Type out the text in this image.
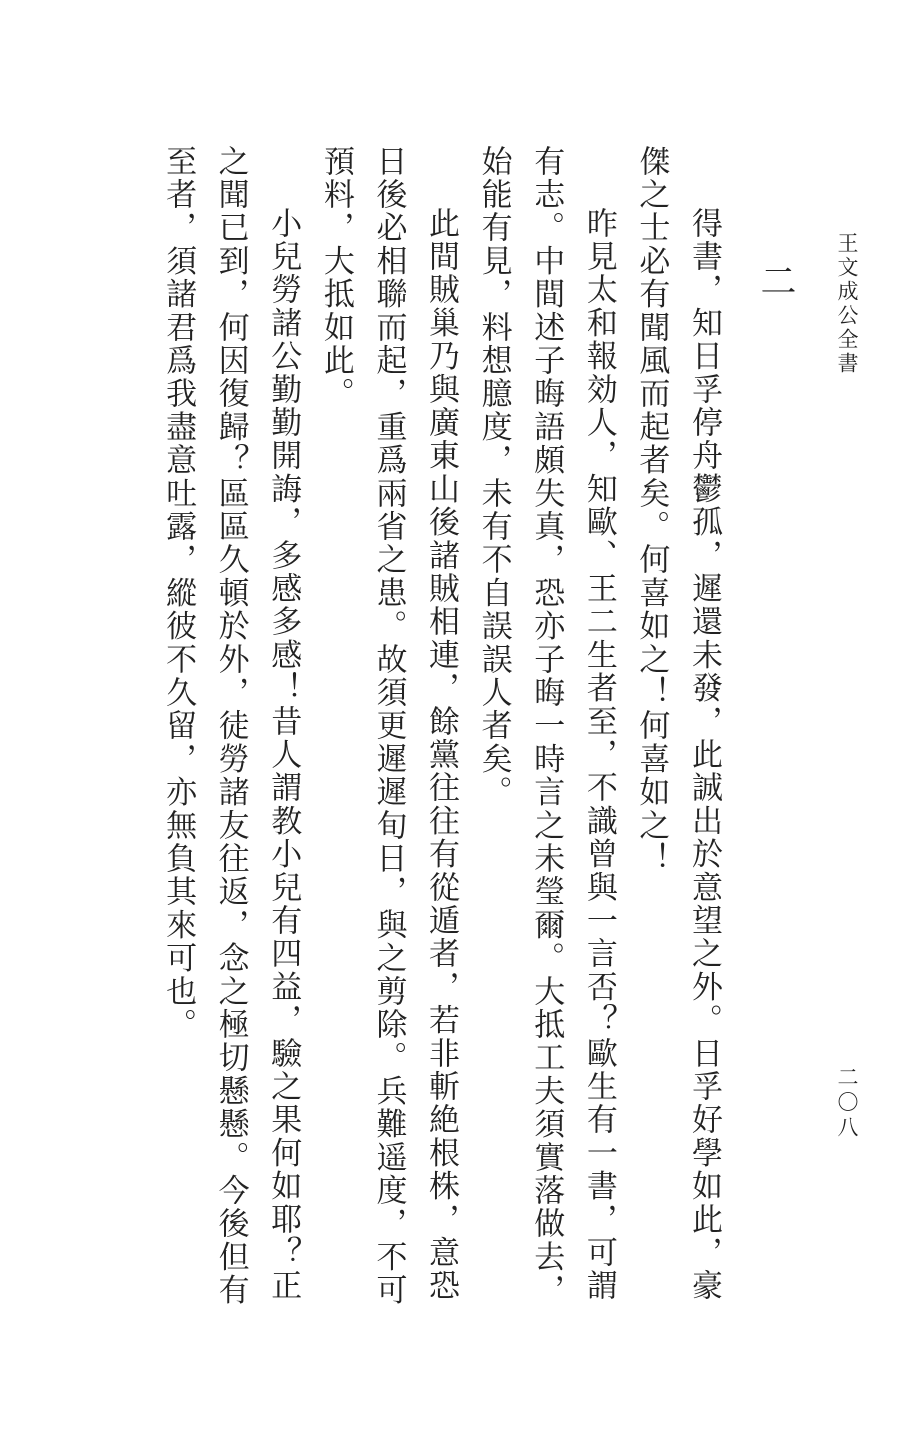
王文成公全書
二〇八
二

得書，知日孚停舟鬱孤，遲還未發，此誠出於意望之外。日孚好學如此，豪傑之士必有聞風而起者矣。何喜如之！何喜如之！

昨見太和報効人，知歐、王二生者至，不識曾與一言否？歐生有一書，可謂有志。中間述子晦語頗失真，恐亦子晦一時言之未瑩爾。大抵工夫須實落做去，始能有見，料想臆度，未有不自誤誤人者矣。

此間賊巢乃與廣東山後諸賊相連，餘黨往往有從遁者，若非斬絶根株，意恐日後必相聯而起，重爲兩省之患。故須更遲遲旬日，與之剪除。兵難遥度，不可預料，大抵如此。

小兒勞諸公勤勤開誨，多感多感！昔人謂教小兒有四益，驗之果何如耶？正之聞已到，何因復歸？區區久頓於外，徒勞諸友往返，念之極切懸懸。今後但有至者，須諸君爲我盡意吐露，縱彼不久留，亦無負其來可也。
